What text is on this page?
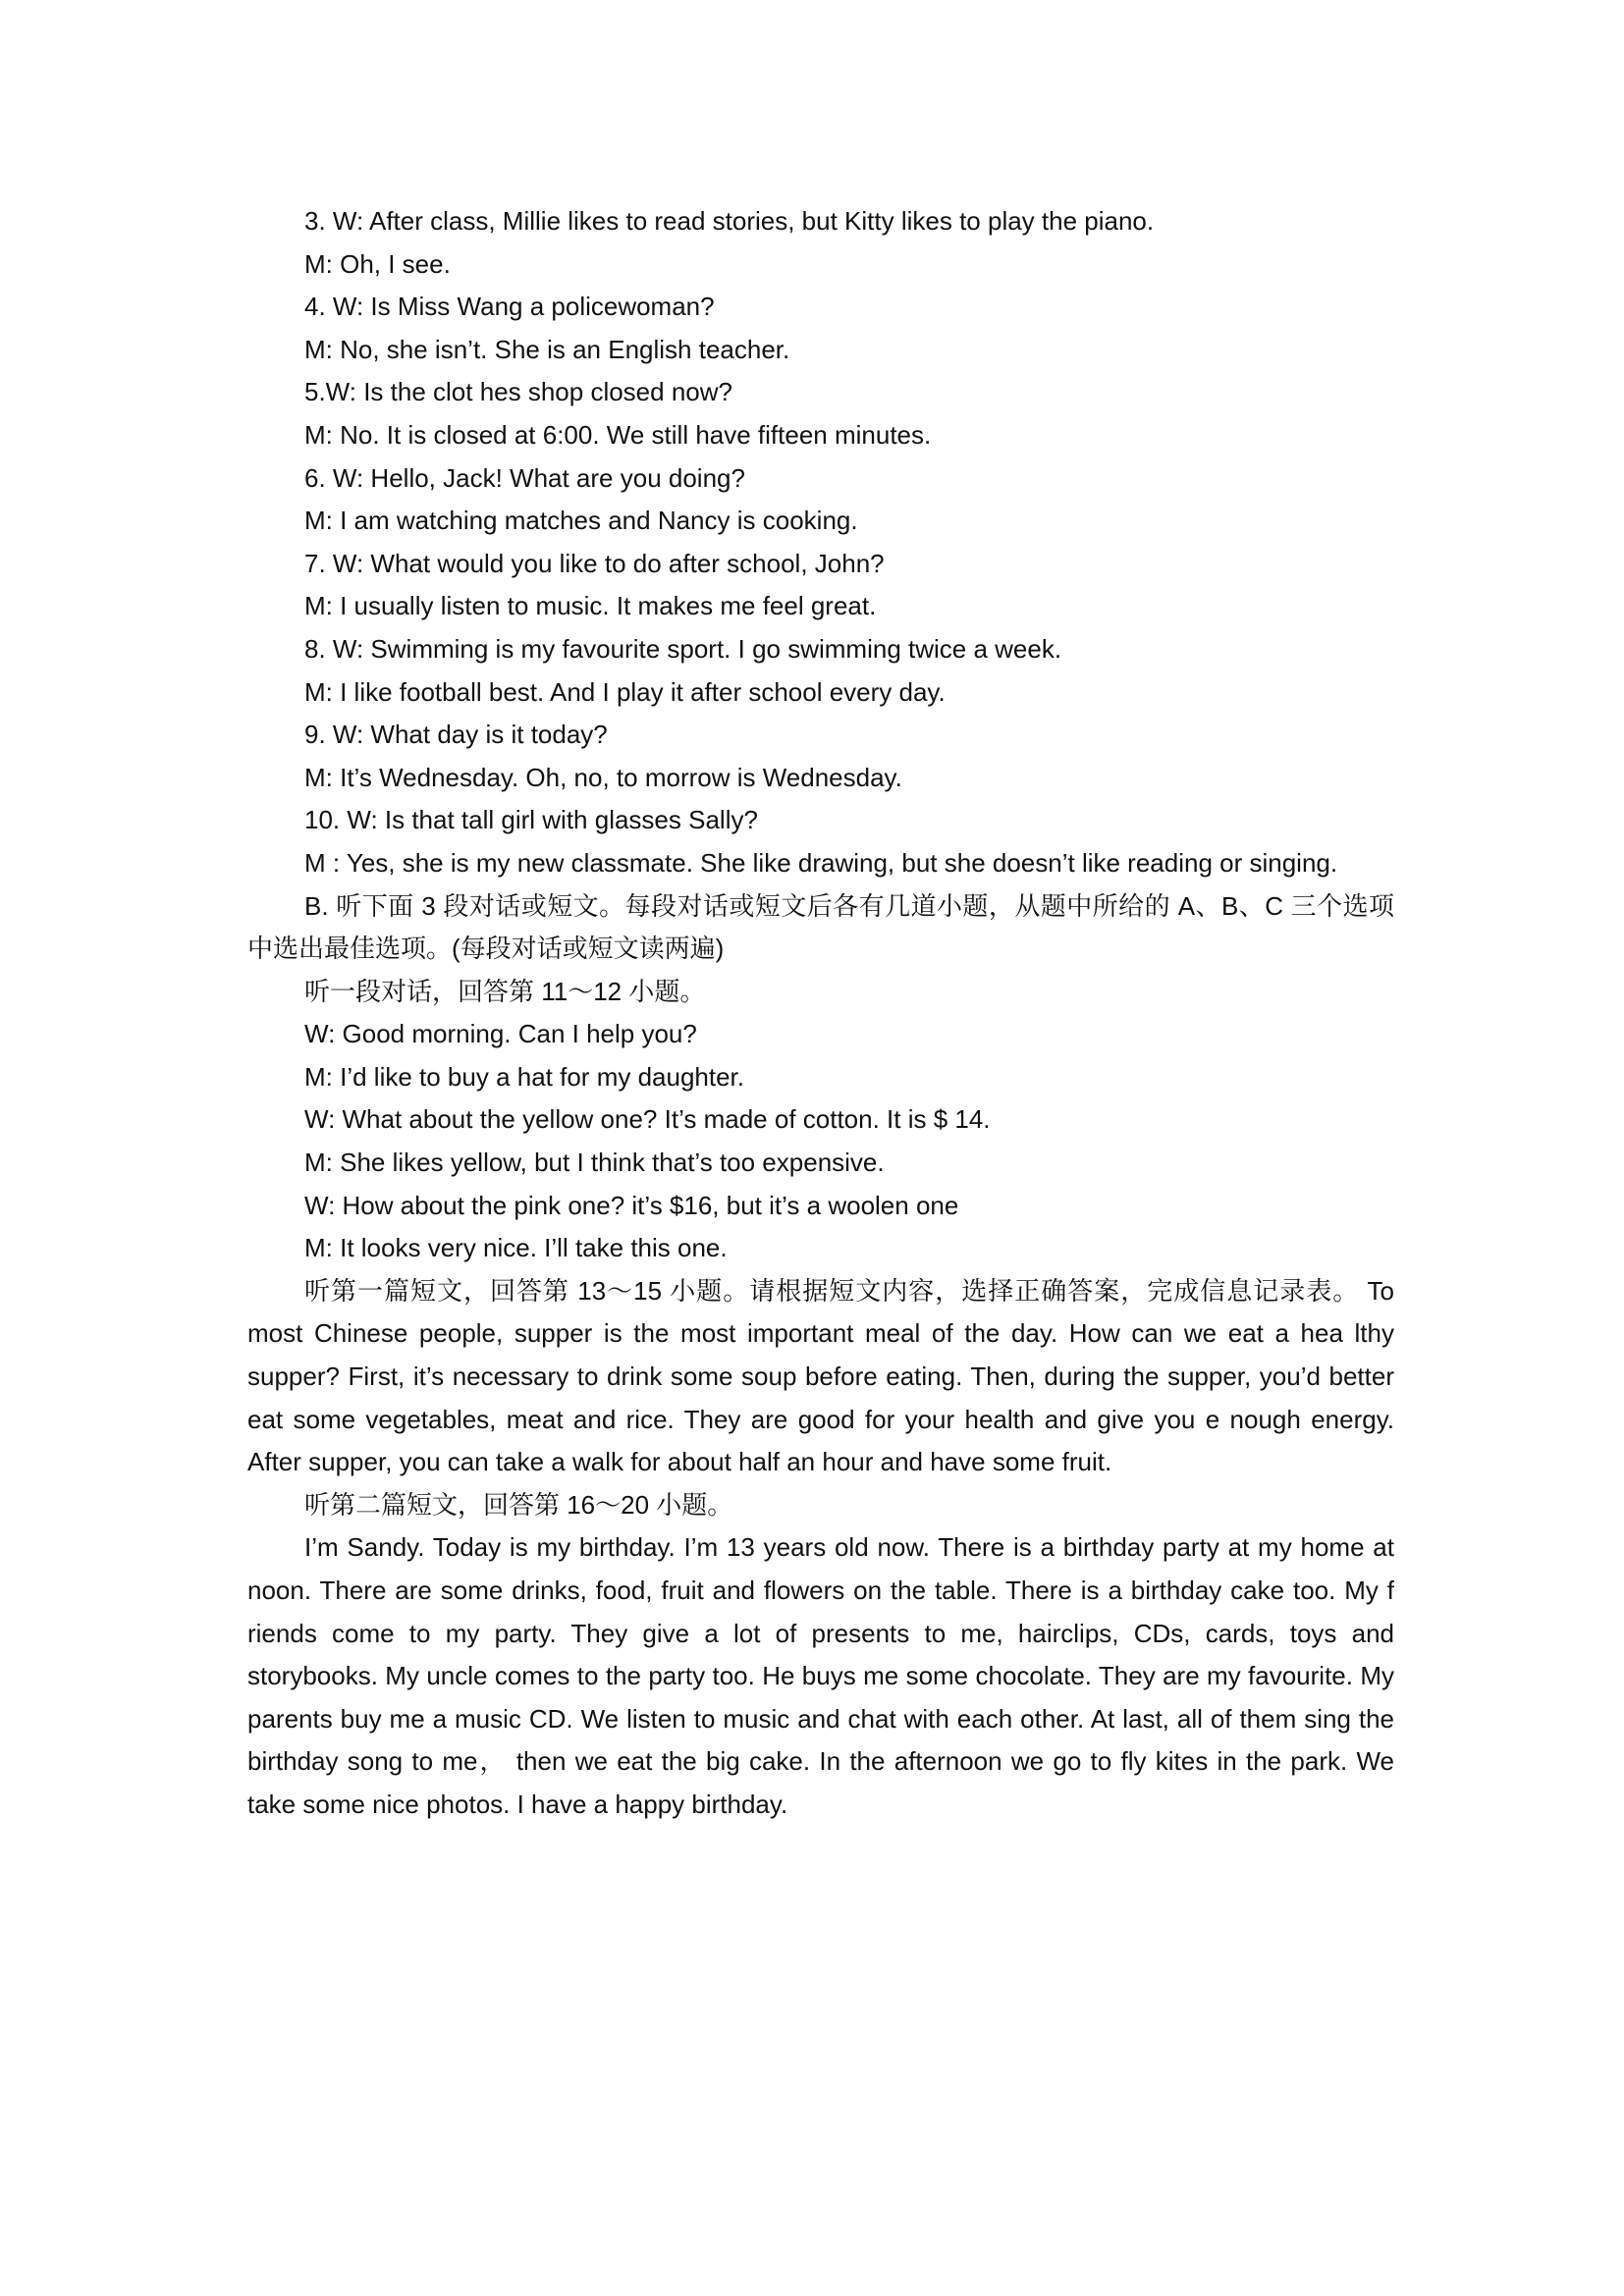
3. W: After class, Millie likes to read stories, but Kitty likes to play the piano.
M: Oh, I see.
4. W: Is Miss Wang a policewoman?
M: No, she isn’t. She is an English teacher.
5.W: Is the clot hes shop closed now?
M: No. It is closed at 6:00. We still have fifteen minutes.
6. W: Hello, Jack! What are you doing?
M: I am watching matches and Nancy is cooking.
7. W: What would you like to do after school, John?
M: I usually listen to music. It makes me feel great.
8. W: Swimming is my favourite sport. I go swimming twice a week.
M: I like football best. And I play it after school every day.
9. W: What day is it today?
M: It’s Wednesday. Oh, no, to morrow is Wednesday.
10. W: Is that tall girl with glasses Sally?
M : Yes, she is my new classmate. She like drawing, but she doesn’t like reading or singing.

B. 听下面 3 段对话或短文。每段对话或短文后各有几道小题，从题中所给的 A、B、C 三个选项中选出最佳选项。(每段对话或短文读两遍)

听一段对话，回答第 11～12 小题。
W: Good morning. Can I help you?
M: I’d like to buy a hat for my daughter.
W: What about the yellow one? It’s made of cotton. It is $ 14.
M: She likes yellow, but I think that’s too expensive.
W: How about the pink one? it’s $16, but it’s a woolen one
M: It looks very nice. I’ll take this one.

听第一篇短文，回答第 13～15 小题。请根据短文内容，选择正确答案，完成信息记录表。 To most Chinese people, supper is the most important meal of the day. How can we eat a hea lthy supper? First, it’s necessary to drink some soup before eating. Then, during the supper, you’d better eat some vegetables, meat and rice. They are good for your health and give you e nough energy. After supper, you can take a walk for about half an hour and have some fruit.

听第二篇短文，回答第 16～20 小题。

I’m Sandy. Today is my birthday. I’m 13 years old now. There is a birthday party at my home at noon. There are some drinks, food, fruit and flowers on the table. There is a birthday cake too. My f riends come to my party. They give a lot of presents to me, hairclips, CDs, cards, toys and storybooks. My uncle comes to the party too. He buys me some chocolate. They are my favourite. My parents buy me a music CD. We listen to music and chat with each other. At last, all of them sing the birthday song to me， then we eat the big cake. In the afternoon we go to fly kites in the park. We take some nice photos. I have a happy birthday.
